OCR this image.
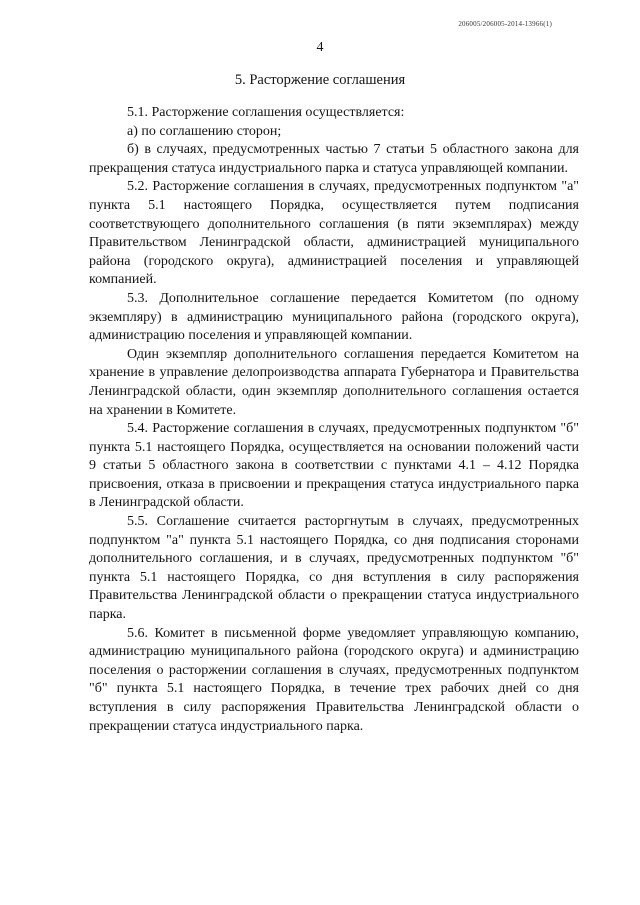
206005/206005-2014-13966(1)
4
5. Расторжение соглашения

5.1. Расторжение соглашения осуществляется:

а) по соглашению сторон;

б) в случаях, предусмотренных частью 7 статьи 5 областного закона для прекращения статуса индустриального парка и статуса управляющей компании.

5.2. Расторжение соглашения в случаях, предусмотренных подпунктом "а" пункта 5.1 настоящего Порядка, осуществляется путем подписания соответствующего дополнительного соглашения (в пяти экземплярах) между Правительством Ленинградской области, администрацией муниципального района (городского округа), администрацией поселения и управляющей компанией.

5.3. Дополнительное соглашение передается Комитетом (по одному экземпляру) в администрацию муниципального района (городского округа), администрацию поселения и управляющей компании.

Один экземпляр дополнительного соглашения передается Комитетом на хранение в управление делопроизводства аппарата Губернатора и Правительства Ленинградской области, один экземпляр дополнительного соглашения остается на хранении в Комитете.

5.4. Расторжение соглашения в случаях, предусмотренных подпунктом "б" пункта 5.1 настоящего Порядка, осуществляется на основании положений части 9 статьи 5 областного закона в соответствии с пунктами 4.1 – 4.12 Порядка присвоения, отказа в присвоении и прекращения статуса индустриального парка в Ленинградской области.

5.5. Соглашение считается расторгнутым в случаях, предусмотренных подпунктом "а" пункта 5.1 настоящего Порядка, со дня подписания сторонами дополнительного соглашения, и в случаях, предусмотренных подпунктом "б" пункта 5.1 настоящего Порядка, со дня вступления в силу распоряжения Правительства Ленинградской области о прекращении статуса индустриального парка.

5.6. Комитет в письменной форме уведомляет управляющую компанию, администрацию муниципального района (городского округа) и администрацию поселения о расторжении соглашения в случаях, предусмотренных подпунктом "б" пункта 5.1 настоящего Порядка, в течение трех рабочих дней со дня вступления в силу распоряжения Правительства Ленинградской области о прекращении статуса индустриального парка.
